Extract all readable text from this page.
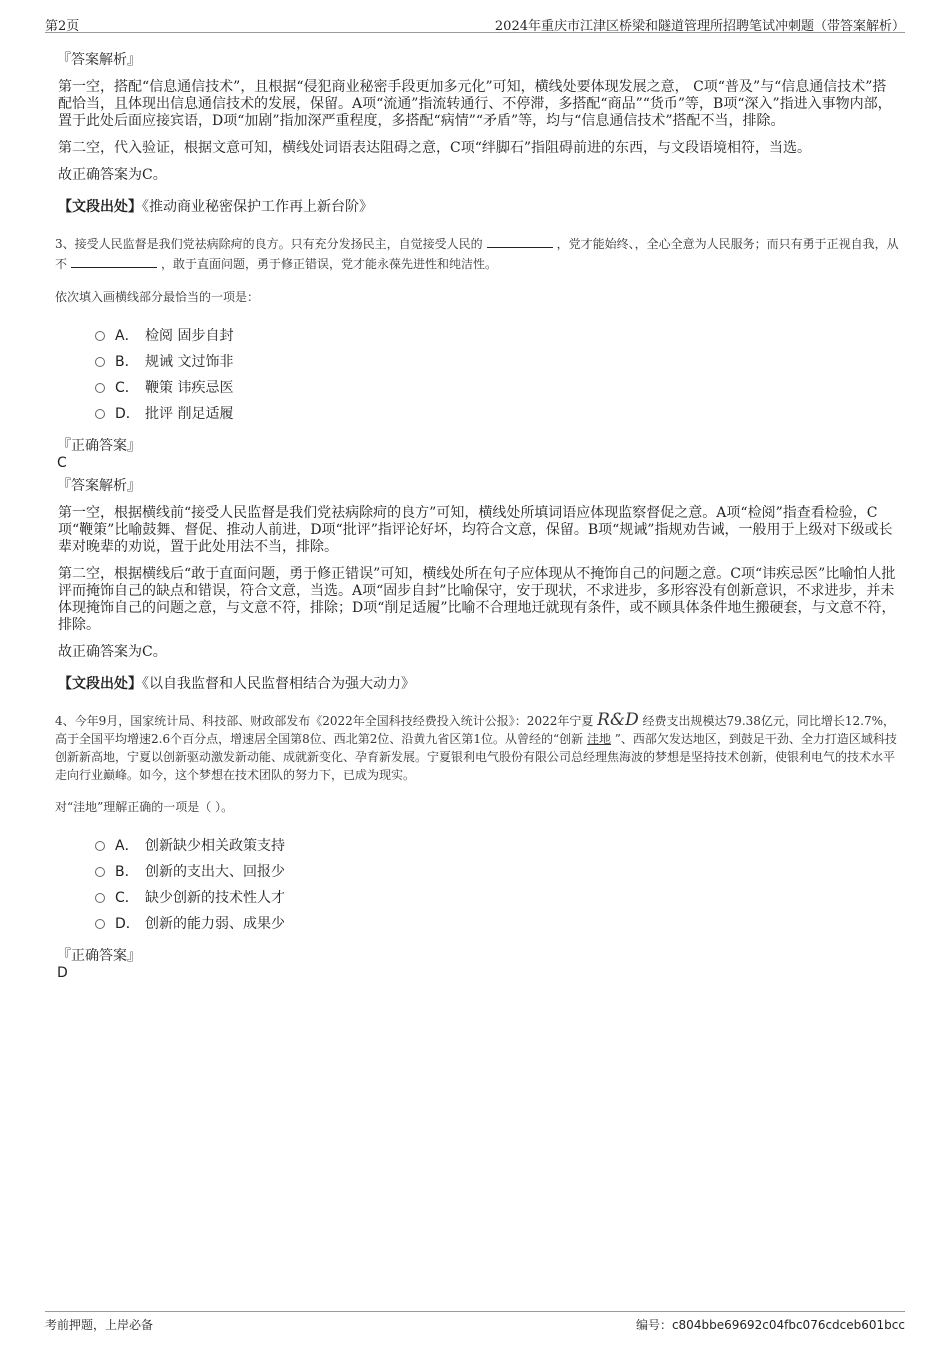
第2页	2024年重庆市江津区桥梁和隧道管理所招聘笔试冲刺题（带答案解析）
『答案解析』
第一空，搭配“信息通信技术”，且根据“侵犯商业秘密手段更加多元化”可知，横线处要体现发展之意， C项“普及”与“信息通信技术”搭配恰当，且体现出信息通信技术的发展，保留。A项“流通”指流转通行、不停滞，多搭配“商品”“货币”等，B项“深入”指进入事物内部，置于此处后面应接宾语，D项“加剧”指加深严重程度，多搭配“病情”“矛盾”等，均与“信息通信技术”搭配不当，排除。
第二空，代入验证，根据文意可知，横线处词语表达阻碍之意，C项“绊脚石”指阻碍前进的东西，与文段语境相符，当选。
故正确答案为C。
【文段出处】《推动商业秘密保护工作再上新台阶》
3、接受人民监督是我们党祛病除疴的良方。只有充分发扬民主，自觉接受人民的	，党才能始终、，全心全意为人民服务；而只有勇于正视自我，从不	，敢于直面问题，勇于修正错误，党才能永葆先进性和纯洁性。
依次填入画横线部分最恰当的一项是：
A． 检阅 固步自封
B． 规诫 文过饰非
C． 鞭策 讳疾忌医
D． 批评 削足适履
『正确答案』
C
『答案解析』
第一空，根据横线前“接受人民监督是我们党祛病除疴的良方”可知，横线处所填词语应体现监察督促之意。A项“检阅”指查看检验，C项“鞭策”比喻鼓舞、督促、推动人前进，D项“批评”指评论好坏，均符合文意，保留。B项“规诫”指规劝告诫，一般用于上级对下级或长辈对晚辈的劝说，置于此处用法不当，排除。
第二空，根据横线后“敢于直面问题，勇于修正错误”可知，横线处所在句子应体现从不掩饰自己的问题之意。C项“讳疾忌医”比喻怕人批评而掩饰自己的缺点和错误，符合文意，当选。A项“固步自封”比喻保守，安于现状，不求进步，多形容没有创新意识，不求进步，并未体现掩饰自己的问题之意，与文意不符，排除；D项“削足适履”比喻不合理地迁就现有条件，或不顾具体条件地生搬硬套，与文意不符，排除。
故正确答案为C。
【文段出处】《以自我监督和人民监督相结合为强大动力》
4、今年9月，国家统计局、科技部、财政部发布《2022年全国科技经费投入统计公报》：2022年宁夏 R&D 经费支出规模达79.38亿元，同比增长12.7%，高于全国平均增速2.6个百分点，增速居全国第8位、西北第2位、沿黄九省区第1位。从曾经的“创新 洼地 ”、西部欠发达地区，到鼓足干劲、全力打造区域科技创新新高地，宁夏以创新驱动激发新动能、成就新变化、孕育新发展。宁夏银利电气股份有限公司总经理焦海波的梦想是坚持技术创新，使银利电气的技术水平走向行业巅峰。如今，这个梦想在技术团队的努力下，已成为现实。
对“洼地”理解正确的一项是（ ）。
A． 创新缺少相关政策支持
B． 创新的支出大、回报少
C． 缺少创新的技术性人才
D． 创新的能力弱、成果少
『正确答案』
D
考前押题，上岸必备	编号：c804bbe69692c04fbc076cdceb601bcc
